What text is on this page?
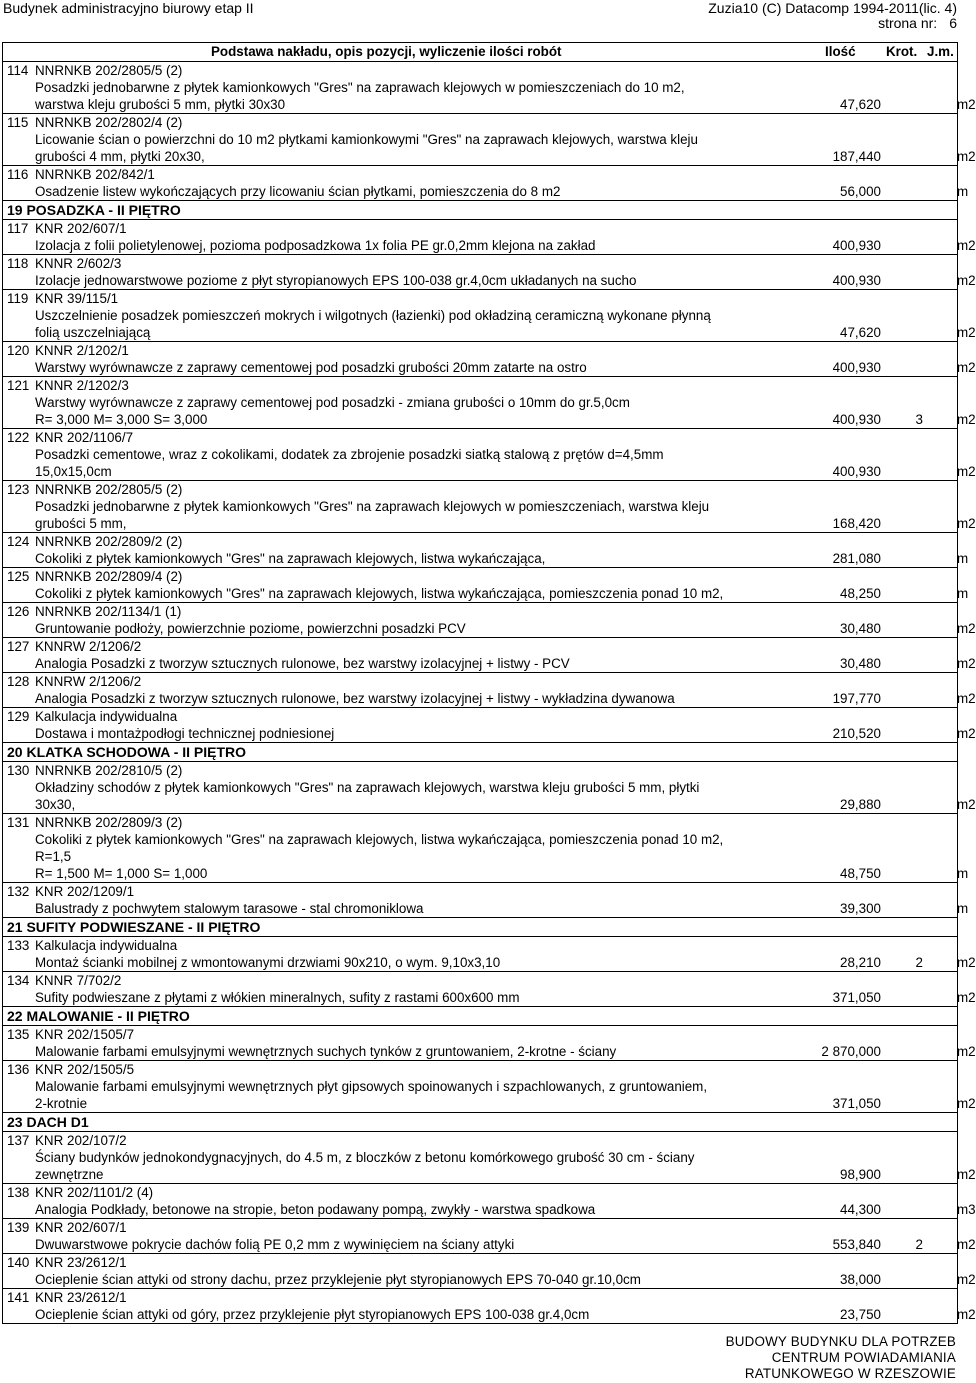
Budynek administracyjno biurowy etap II	Zuzia10 (C) Datacomp 1994-2011(lic. 4)
strona nr: 6
Podstawa nakładu, opis pozycji, wyliczenie ilości robót	Ilość Krot. J.m.
114 NNRNKB 202/2805/5 (2)
Posadzki jednobarwne z płytek kamionkowych "Gres" na zaprawach klejowych w pomieszczeniach do 10 m2,
warstwa kleju grubości 5 mm, płytki 30x30	47,620	m2
115 NNRNKB 202/2802/4 (2)
Licowanie ścian o powierzchni do 10 m2 płytkami kamionkowymi "Gres" na zaprawach klejowych, warstwa kleju
grubości 4 mm, płytki 20x30,	187,440	m2
116 NNRNKB 202/842/1
Osadzenie listew wykończających przy licowaniu ścian płytkami, pomieszczenia do 8 m2	56,000	m
19 POSADZKA - II PIĘTRO
117 KNR 202/607/1
Izolacja z folii polietylenowej, pozioma podposadzkowa 1x folia PE gr.0,2mm klejona na zakład	400,930	m2
118 KNNR 2/602/3
Izolacje jednowarstwowe poziome z płyt styropianowych EPS 100-038 gr.4,0cm układanych na sucho	400,930	m2
119 KNR 39/115/1
Uszczelnienie posadzek pomieszczeń mokrych i wilgotnych (łazienki) pod okładziną ceramiczną wykonane płynną
folią uszczelniającą	47,620	m2
120 KNNR 2/1202/1
Warstwy wyrównawcze z zaprawy cementowej pod posadzki grubości 20mm zatarte na ostro	400,930	m2
121 KNNR 2/1202/3
Warstwy wyrównawcze z zaprawy cementowej pod posadzki - zmiana grubości o 10mm do gr.5,0cm
R= 3,000 M= 3,000 S= 3,000	400,930	3	m2
122 KNR 202/1106/7
Posadzki cementowe, wraz z cokolikami, dodatek za zbrojenie posadzki siatką stalową z prętów d=4,5mm
15,0x15,0cm	400,930	m2
123 NNRNKB 202/2805/5 (2)
Posadzki jednobarwne z płytek kamionkowych "Gres" na zaprawach klejowych w pomieszczeniach, warstwa kleju
grubości 5 mm,	168,420	m2
124 NNRNKB 202/2809/2 (2)
Cokoliki z płytek kamionkowych "Gres" na zaprawach klejowych, listwa wykańczająca,	281,080	m
125 NNRNKB 202/2809/4 (2)
Cokoliki z płytek kamionkowych "Gres" na zaprawach klejowych, listwa wykańczająca, pomieszczenia ponad 10 m2,	48,250	m
126 NNRNKB 202/1134/1 (1)
Gruntowanie podłoży, powierzchnie poziome, powierzchni posadzki PCV	30,480	m2
127 KNNRW 2/1206/2
Analogia Posadzki z tworzyw sztucznych rulonowe, bez warstwy izolacyjnej + listwy - PCV	30,480	m2
128 KNNRW 2/1206/2
Analogia Posadzki z tworzyw sztucznych rulonowe, bez warstwy izolacyjnej + listwy - wykładzina dywanowa	197,770	m2
129 Kalkulacja indywidualna
Dostawa i montażpodłogi technicznej podniesionej	210,520	m2
20 KLATKA SCHODOWA - II PIĘTRO
130 NNRNKB 202/2810/5 (2)
Okładziny schodów z płytek kamionkowych "Gres" na zaprawach klejowych, warstwa kleju grubości 5 mm, płytki
30x30,	29,880	m2
131 NNRNKB 202/2809/3 (2)
Cokoliki z płytek kamionkowych "Gres" na zaprawach klejowych, listwa wykańczająca, pomieszczenia ponad 10 m2,
R=1,5
R= 1,500 M= 1,000 S= 1,000	48,750	m
132 KNR 202/1209/1
Balustrady z pochwytem stalowym tarasowe - stal chromoniklowa	39,300	m
21 SUFITY PODWIESZANE - II PIĘTRO
133 Kalkulacja indywidualna
Montaż ścianki mobilnej z wmontowanymi drzwiami 90x210, o wym. 9,10x3,10	28,210	2	m2
134 KNNR 7/702/2
Sufity podwieszane z płytami z włókien mineralnych, sufity z rastami 600x600 mm	371,050	m2
22 MALOWANIE - II PIĘTRO
135 KNR 202/1505/7
Malowanie farbami emulsyjnymi wewnętrznych suchych tynków z gruntowaniem, 2-krotne - ściany	2 870,000	m2
136 KNR 202/1505/5
Malowanie farbami emulsyjnymi wewnętrznych płyt gipsowych spoinowanych i szpachlowanych, z gruntowaniem,
2-krotnie	371,050	m2
23 DACH D1
137 KNR 202/107/2
Ściany budynków jednokondygnacyjnych, do 4.5 m, z bloczków z betonu komórkowego grubość 30 cm - ściany
zewnętrzne	98,900	m2
138 KNR 202/1101/2 (4)
Analogia Podkłady, betonowe na stropie, beton podawany pompą, zwykły - warstwa spadkowa	44,300	m3
139 KNR 202/607/1
Dwuwarstwowe pokrycie dachów folią PE 0,2 mm z wywinięciem na ściany attyki	553,840	2	m2
140 KNR 23/2612/1
Ocieplenie ścian attyki od strony dachu, przez przyklejenie płyt styropianowych EPS 70-040 gr.10,0cm	38,000	m2
141 KNR 23/2612/1
Ocieplenie ścian attyki od góry, przez przyklejenie płyt styropianowych EPS 100-038 gr.4,0cm	23,750	m2
BUDOWY BUDYNKU DLA POTRZEB
CENTRUM POWIADAMIANIA
RATUNKOWEGO W RZESZOWIE
